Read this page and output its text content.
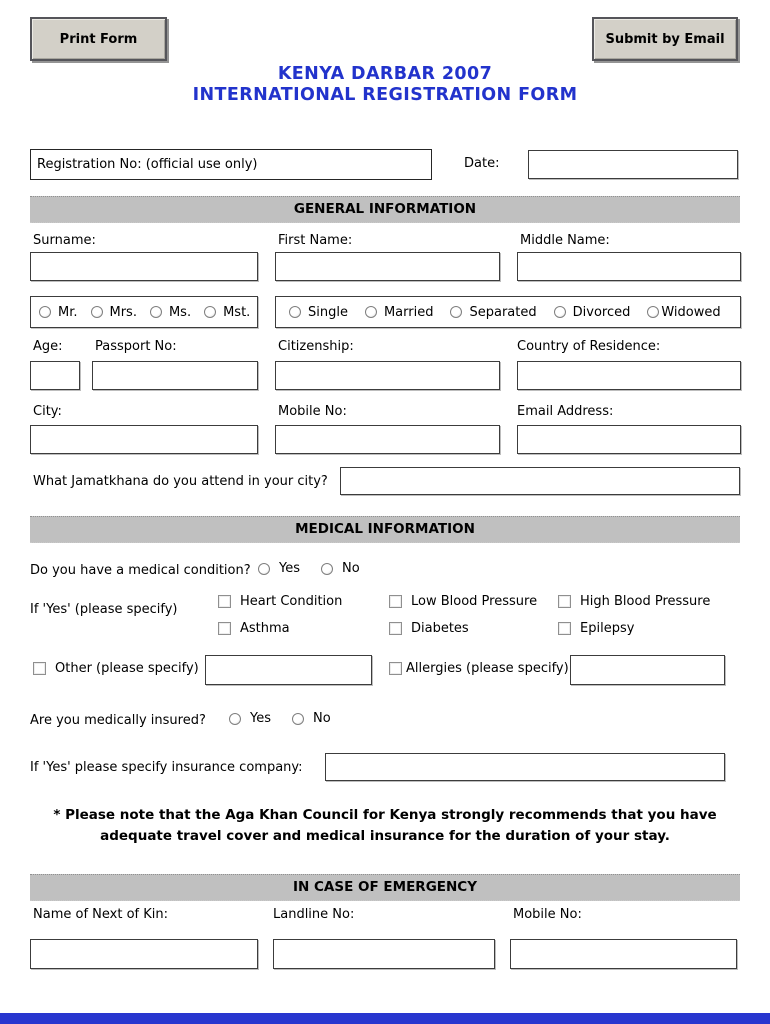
Print Form	Submit by Email
KENYA DARBAR 2007
INTERNATIONAL REGISTRATION FORM
Registration No: (official use only)	Date:
GENERAL INFORMATION
Surname:	First Name:	Middle Name:
Mr. Mrs. Ms. Mst.	Single	Married	Separated	Divorced Widowed
Age: Passport No:	Citizenship:	Country of Residence:
City:	Mobile No:	Email Address:
What Jamatkhana do you attend in your city?
MEDICAL INFORMATION
Do you have a medical condition? Yes	No
If 'Yes' (please specify)
Heart Condition	Low Blood Pressure	High Blood Pressure
Asthma	Diabetes	Epilepsy
Other (please specify)	Allergies (please specify)
Are you medically insured?	Yes	No
If 'Yes' please specify insurance company:
* Please note that the Aga Khan Council for Kenya strongly recommends that you have
adequate travel cover and medical insurance for the duration of your stay.
IN CASE OF EMERGENCY
Name of Next of Kin:	Landline No:	Mobile No:
